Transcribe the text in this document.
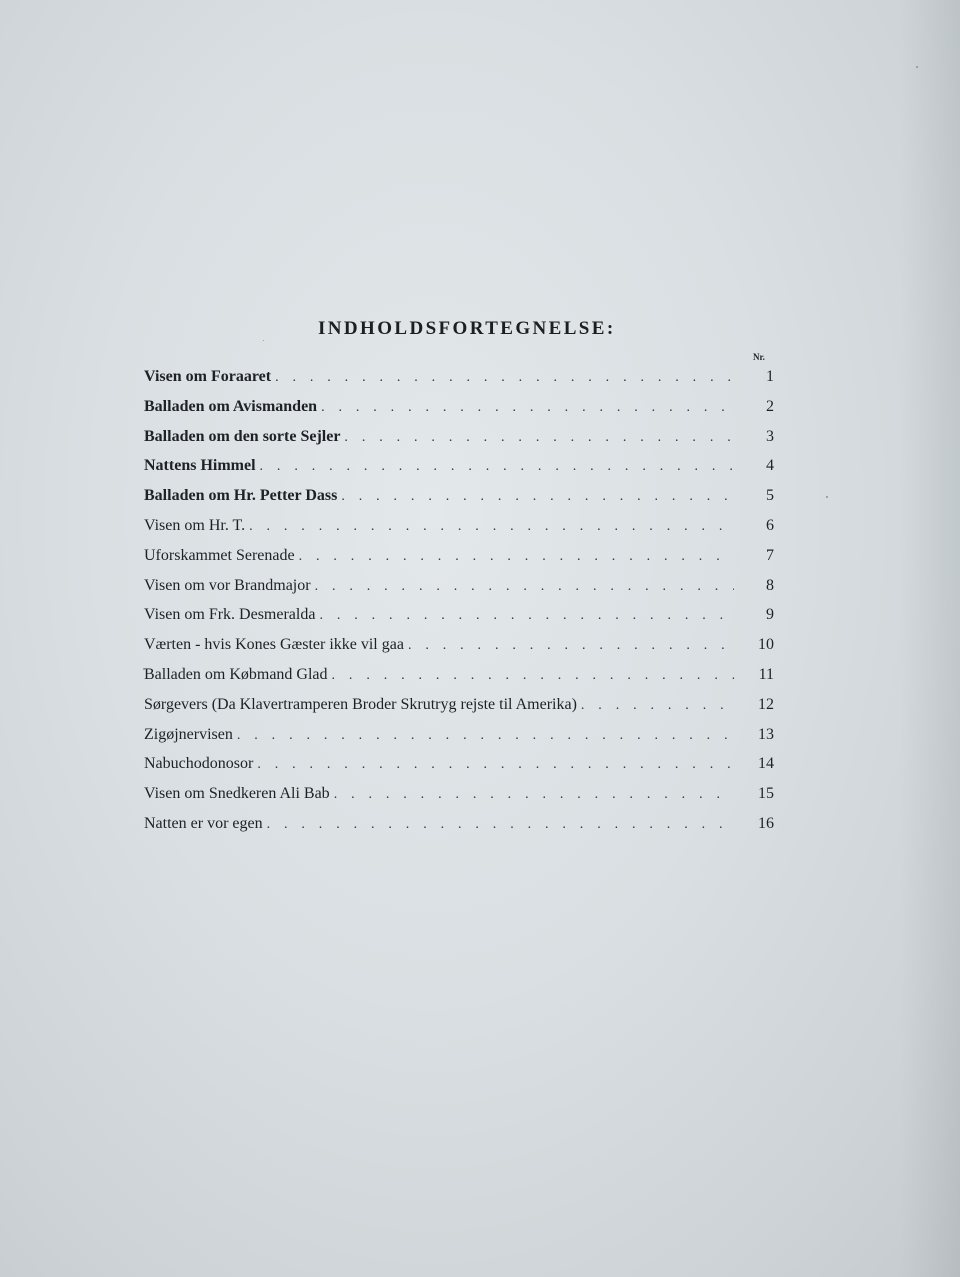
INDHOLDSFORTEGNELSE:
Nr.
Visen om Foraaret . . .	1
Balladen om Avismanden . . .	2
Balladen om den sorte Sejler . . .	3
Nattens Himmel . . .	4
Balladen om Hr. Petter Dass . . .	5
Visen om Hr. T. . . .	6
Uforskammet Serenade . . .	7
Visen om vor Brandmajor . . .	8
Visen om Frk. Desmeralda . . .	9
Værten - hvis Kones Gæster ikke vil gaa . . .	10
Balladen om Købmand Glad . . .	11
Sørgevers (Da Klavertramperen Broder Skrutryg rejste til Amerika) . . .	12
Zigøjnervisen . . .	13
Nabuchodonosor . . .	14
Visen om Snedkeren Ali Bab . . .	15
Natten er vor egen . . .	16
